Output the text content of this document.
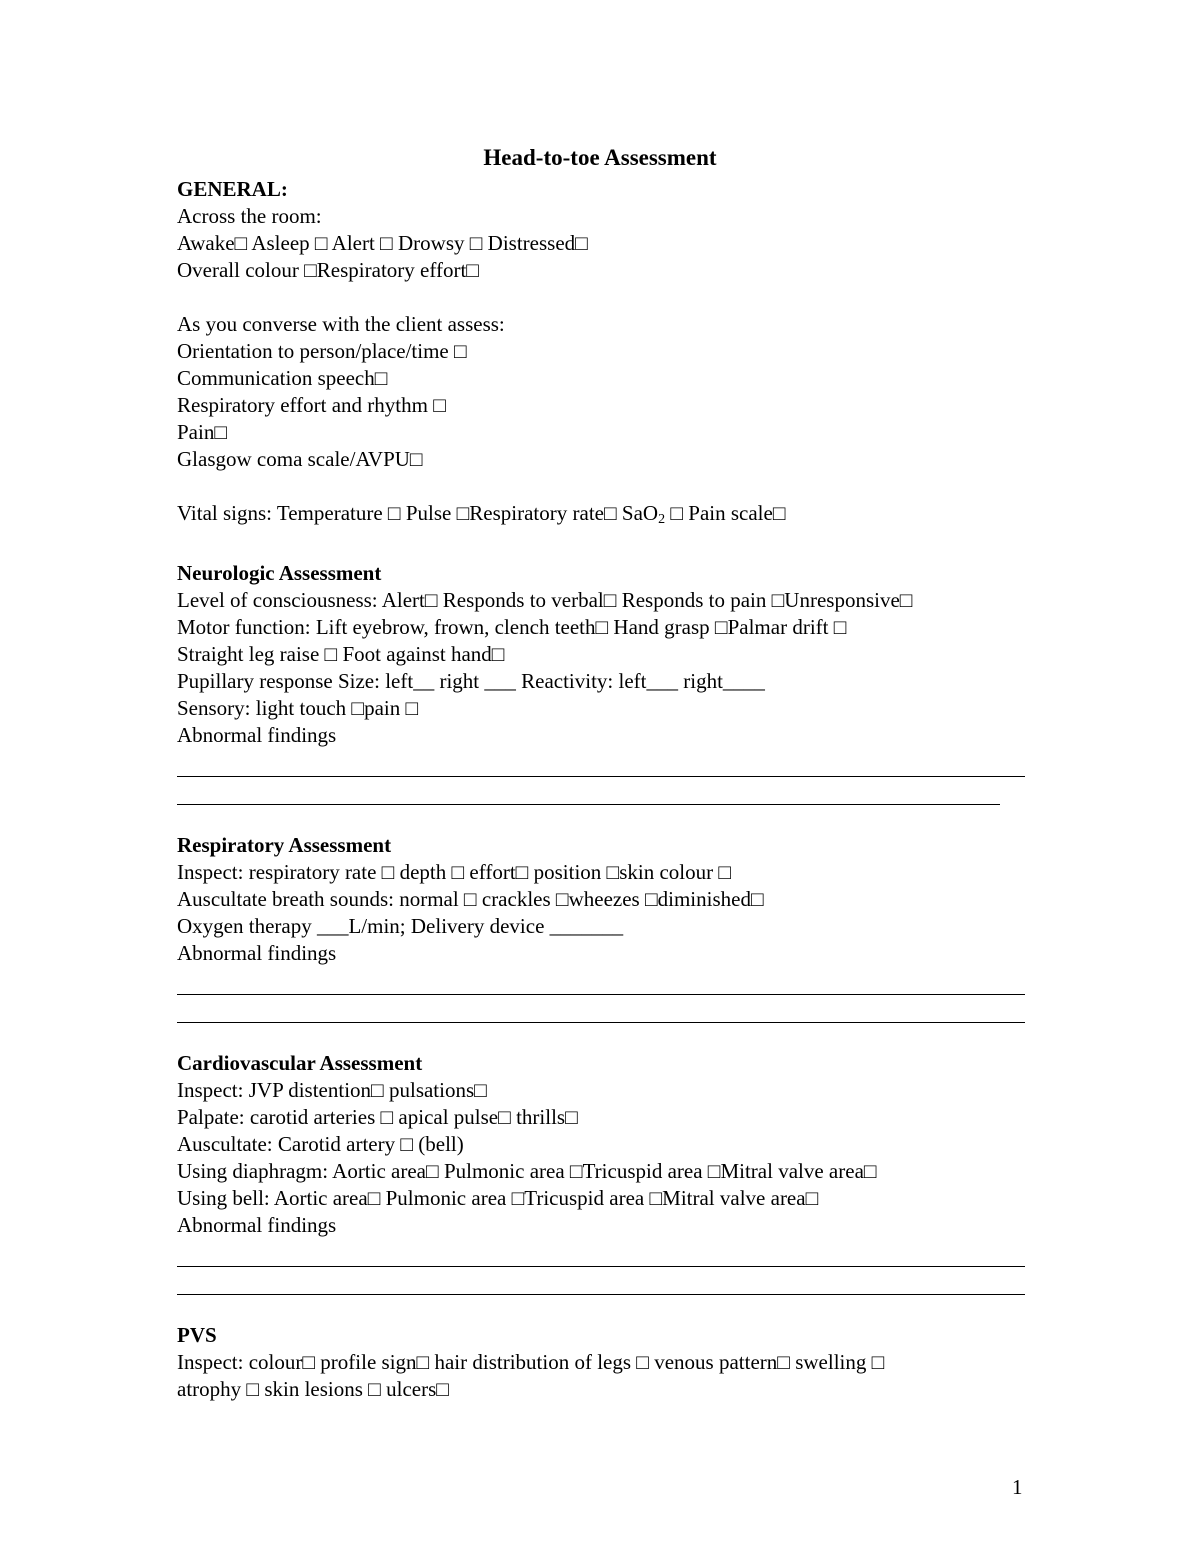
Head-to-toe Assessment
GENERAL:
Across the room:
Awake□ Asleep □ Alert □ Drowsy □ Distressed□
Overall colour □Respiratory effort□
As you converse with the client assess:
Orientation to person/place/time □
Communication speech□
Respiratory effort and rhythm □
Pain□
Glasgow coma scale/AVPU□
Vital signs: Temperature □ Pulse □Respiratory rate□ SaO$_2$ □ Pain scale□
Neurologic Assessment
Level of consciousness: Alert□ Responds to verbal□ Responds to pain □Unresponsive□
Motor function: Lift eyebrow, frown, clench teeth□ Hand grasp □Palmar drift □
Straight leg raise □ Foot against hand□
Pupillary response Size: left__ right ___ Reactivity: left___ right____
Sensory: light touch □pain □
Abnormal findings
Respiratory Assessment
Inspect: respiratory rate □ depth □ effort□ position □skin colour □
Auscultate breath sounds: normal □ crackles □wheezes □diminished□
Oxygen therapy ___L/min; Delivery device _______
Abnormal findings
Cardiovascular Assessment
Inspect: JVP distention□ pulsations□
Palpate: carotid arteries □ apical pulse□ thrills□
Auscultate: Carotid artery □ (bell)
Using diaphragm: Aortic area□ Pulmonic area □Tricuspid area □Mitral valve area□
Using bell: Aortic area□ Pulmonic area □Tricuspid area □Mitral valve area□
Abnormal findings
PVS
Inspect: colour□ profile sign□ hair distribution of legs □ venous pattern□ swelling □
atrophy □ skin lesions □ ulcers□
1
